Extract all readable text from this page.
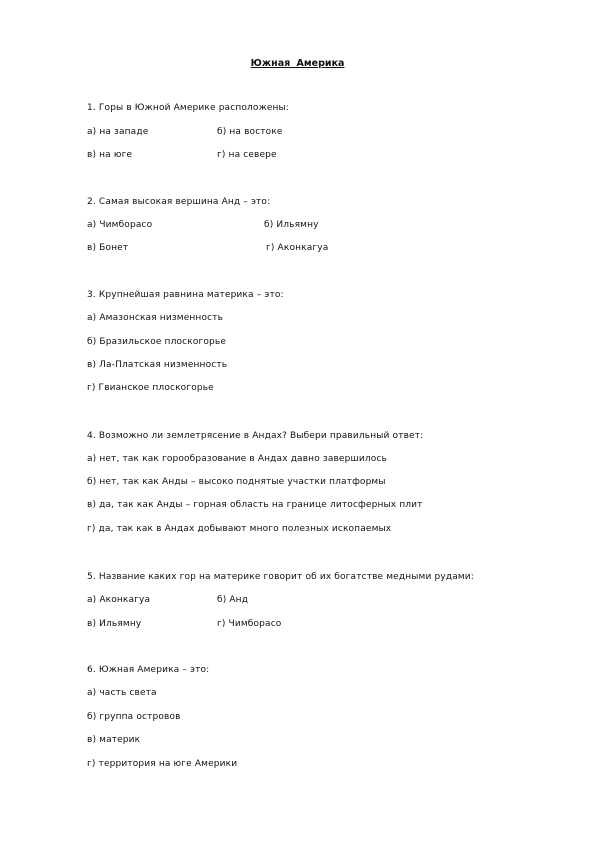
Южная Америка
1. Горы в Южной Америке расположены:
а) на западе	б) на востоке
в) на юге	г) на севере
2. Самая высокая вершина Анд – это:
а) Чимборасо	б) Ильямну
в) Бонет	г) Аконкагуа
3. Крупнейшая равнина материка – это:
а) Амазонская низменность
б) Бразильское плоскогорье
в) Ла-Платская низменность
г) Гвианское плоскогорье
4. Возможно ли землетрясение в Андах? Выбери правильный ответ:
а) нет, так как горообразование в Андах давно завершилось
б) нет, так как Анды – высоко поднятые участки платформы
в) да, так как Анды – горная область на границе литосферных плит
г) да, так как в Андах добывают много полезных ископаемых
5. Название каких гор на материке говорит об их богатстве медными рудами:
а) Аконкагуа	б) Анд
в) Ильямну	г) Чимборасо
6. Южная Америка – это:
а) часть света
б) группа островов
в) материк
г) территория на юге Америки
